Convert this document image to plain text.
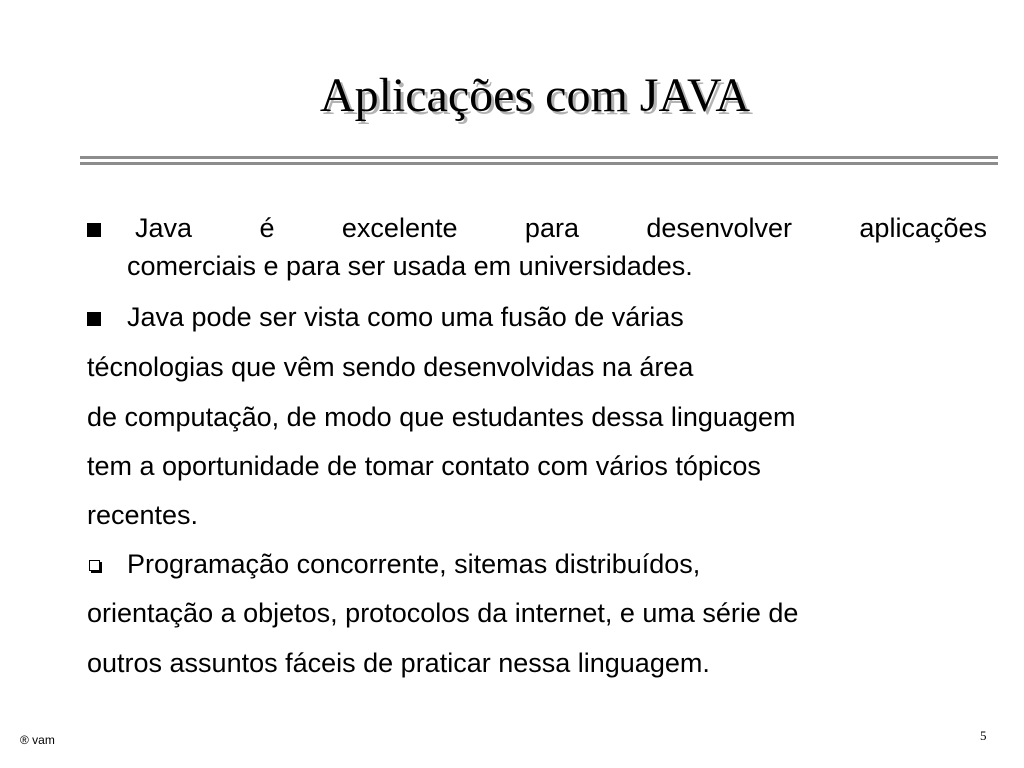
Aplicações com JAVA
Java é excelente para desenvolver aplicações
comerciais e para ser usada em universidades.
Java pode ser vista como uma fusão de várias
técnologias que vêm sendo desenvolvidas na área
de computação, de modo que estudantes dessa linguagem
tem a oportunidade de tomar contato com vários tópicos
recentes.
Programação concorrente, sitemas distribuídos,
orientação a objetos, protocolos da internet, e uma série de
outros assuntos fáceis de praticar nessa linguagem.
® vam	5
